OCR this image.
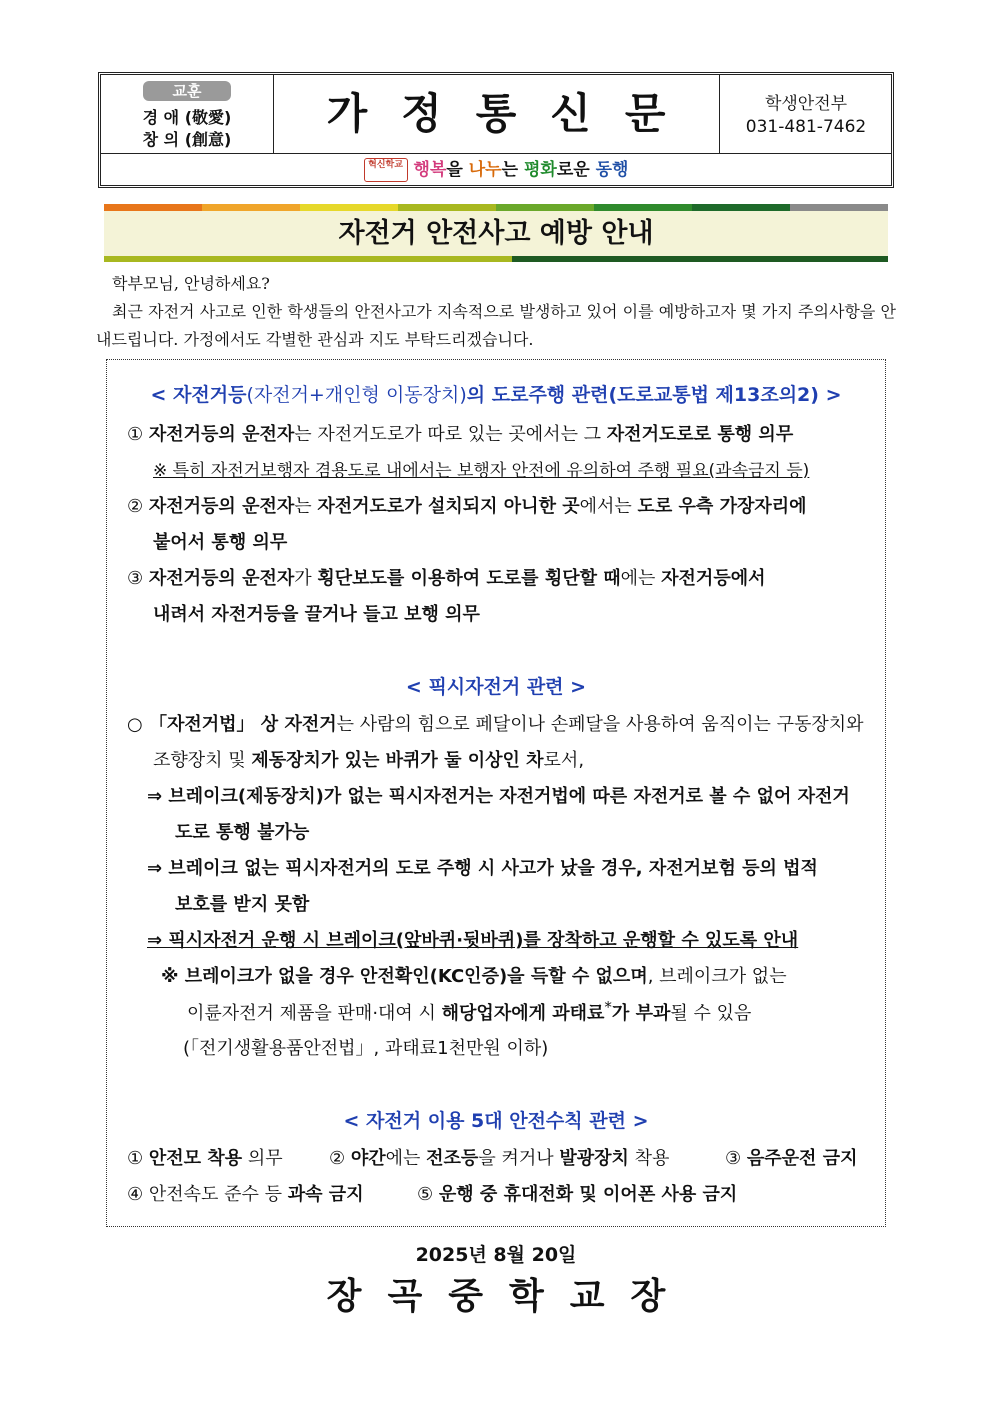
교훈
경 애 (敬愛)
창 의 (創意)
가정통신문	학생안전부
031-481-7462
혁신학교 행복을 나누는 평화로운 동행
자전거 안전사고 예방 안내

학부모님, 안녕하세요?

최근 자전거 사고로 인한 학생들의 안전사고가 지속적으로 발생하고 있어 이를 예방하고자 몇 가지 주의사항을 안내드립니다. 가정에서도 각별한 관심과 지도 부탁드리겠습니다.

< 자전거등(자전거+개인형 이동장치)의 도로주행 관련(도로교통법 제13조의2) >
① 자전거등의 운전자는 자전거도로가 따로 있는 곳에서는 그 자전거도로로 통행 의무
※ 특히 자전거보행자 겸용도로 내에서는 보행자 안전에 유의하여 주행 필요(과속금지 등)
② 자전거등의 운전자는 자전거도로가 설치되지 아니한 곳에서는 도로 우측 가장자리에
붙어서 통행 의무
③ 자전거등의 운전자가 횡단보도를 이용하여 도로를 횡단할 때에는 자전거등에서
내려서 자전거등을 끌거나 들고 보행 의무
< 픽시자전거 관련 >
○ 「자전거법」 상 자전거는 사람의 힘으로 페달이나 손페달을 사용하여 움직이는 구동장치와
조향장치 및 제동장치가 있는 바퀴가 둘 이상인 차로서,
⇒ 브레이크(제동장치)가 없는 픽시자전거는 자전거법에 따른 자전거로 볼 수 없어 자전거
도로 통행 불가능
⇒ 브레이크 없는 픽시자전거의 도로 주행 시 사고가 났을 경우, 자전거보험 등의 법적
보호를 받지 못함
⇒ 픽시자전거 운행 시 브레이크(앞바퀴·뒷바퀴)를 장착하고 운행할 수 있도록 안내
※ 브레이크가 없을 경우 안전확인(KC인증)을 득할 수 없으며, 브레이크가 없는
이륜자전거 제품을 판매·대여 시 해당업자에게 과태료*가 부과될 수 있음
(「전기생활용품안전법」, 과태료1천만원 이하)
< 자전거 이용 5대 안전수칙 관련 >
① 안전모 착용 의무	② 야간에는 전조등을 켜거나 발광장치 착용	③ 음주운전 금지
④ 안전속도 준수 등 과속 금지	⑤ 운행 중 휴대전화 및 이어폰 사용 금지
2025년 8월 20일
장곡중학교장
